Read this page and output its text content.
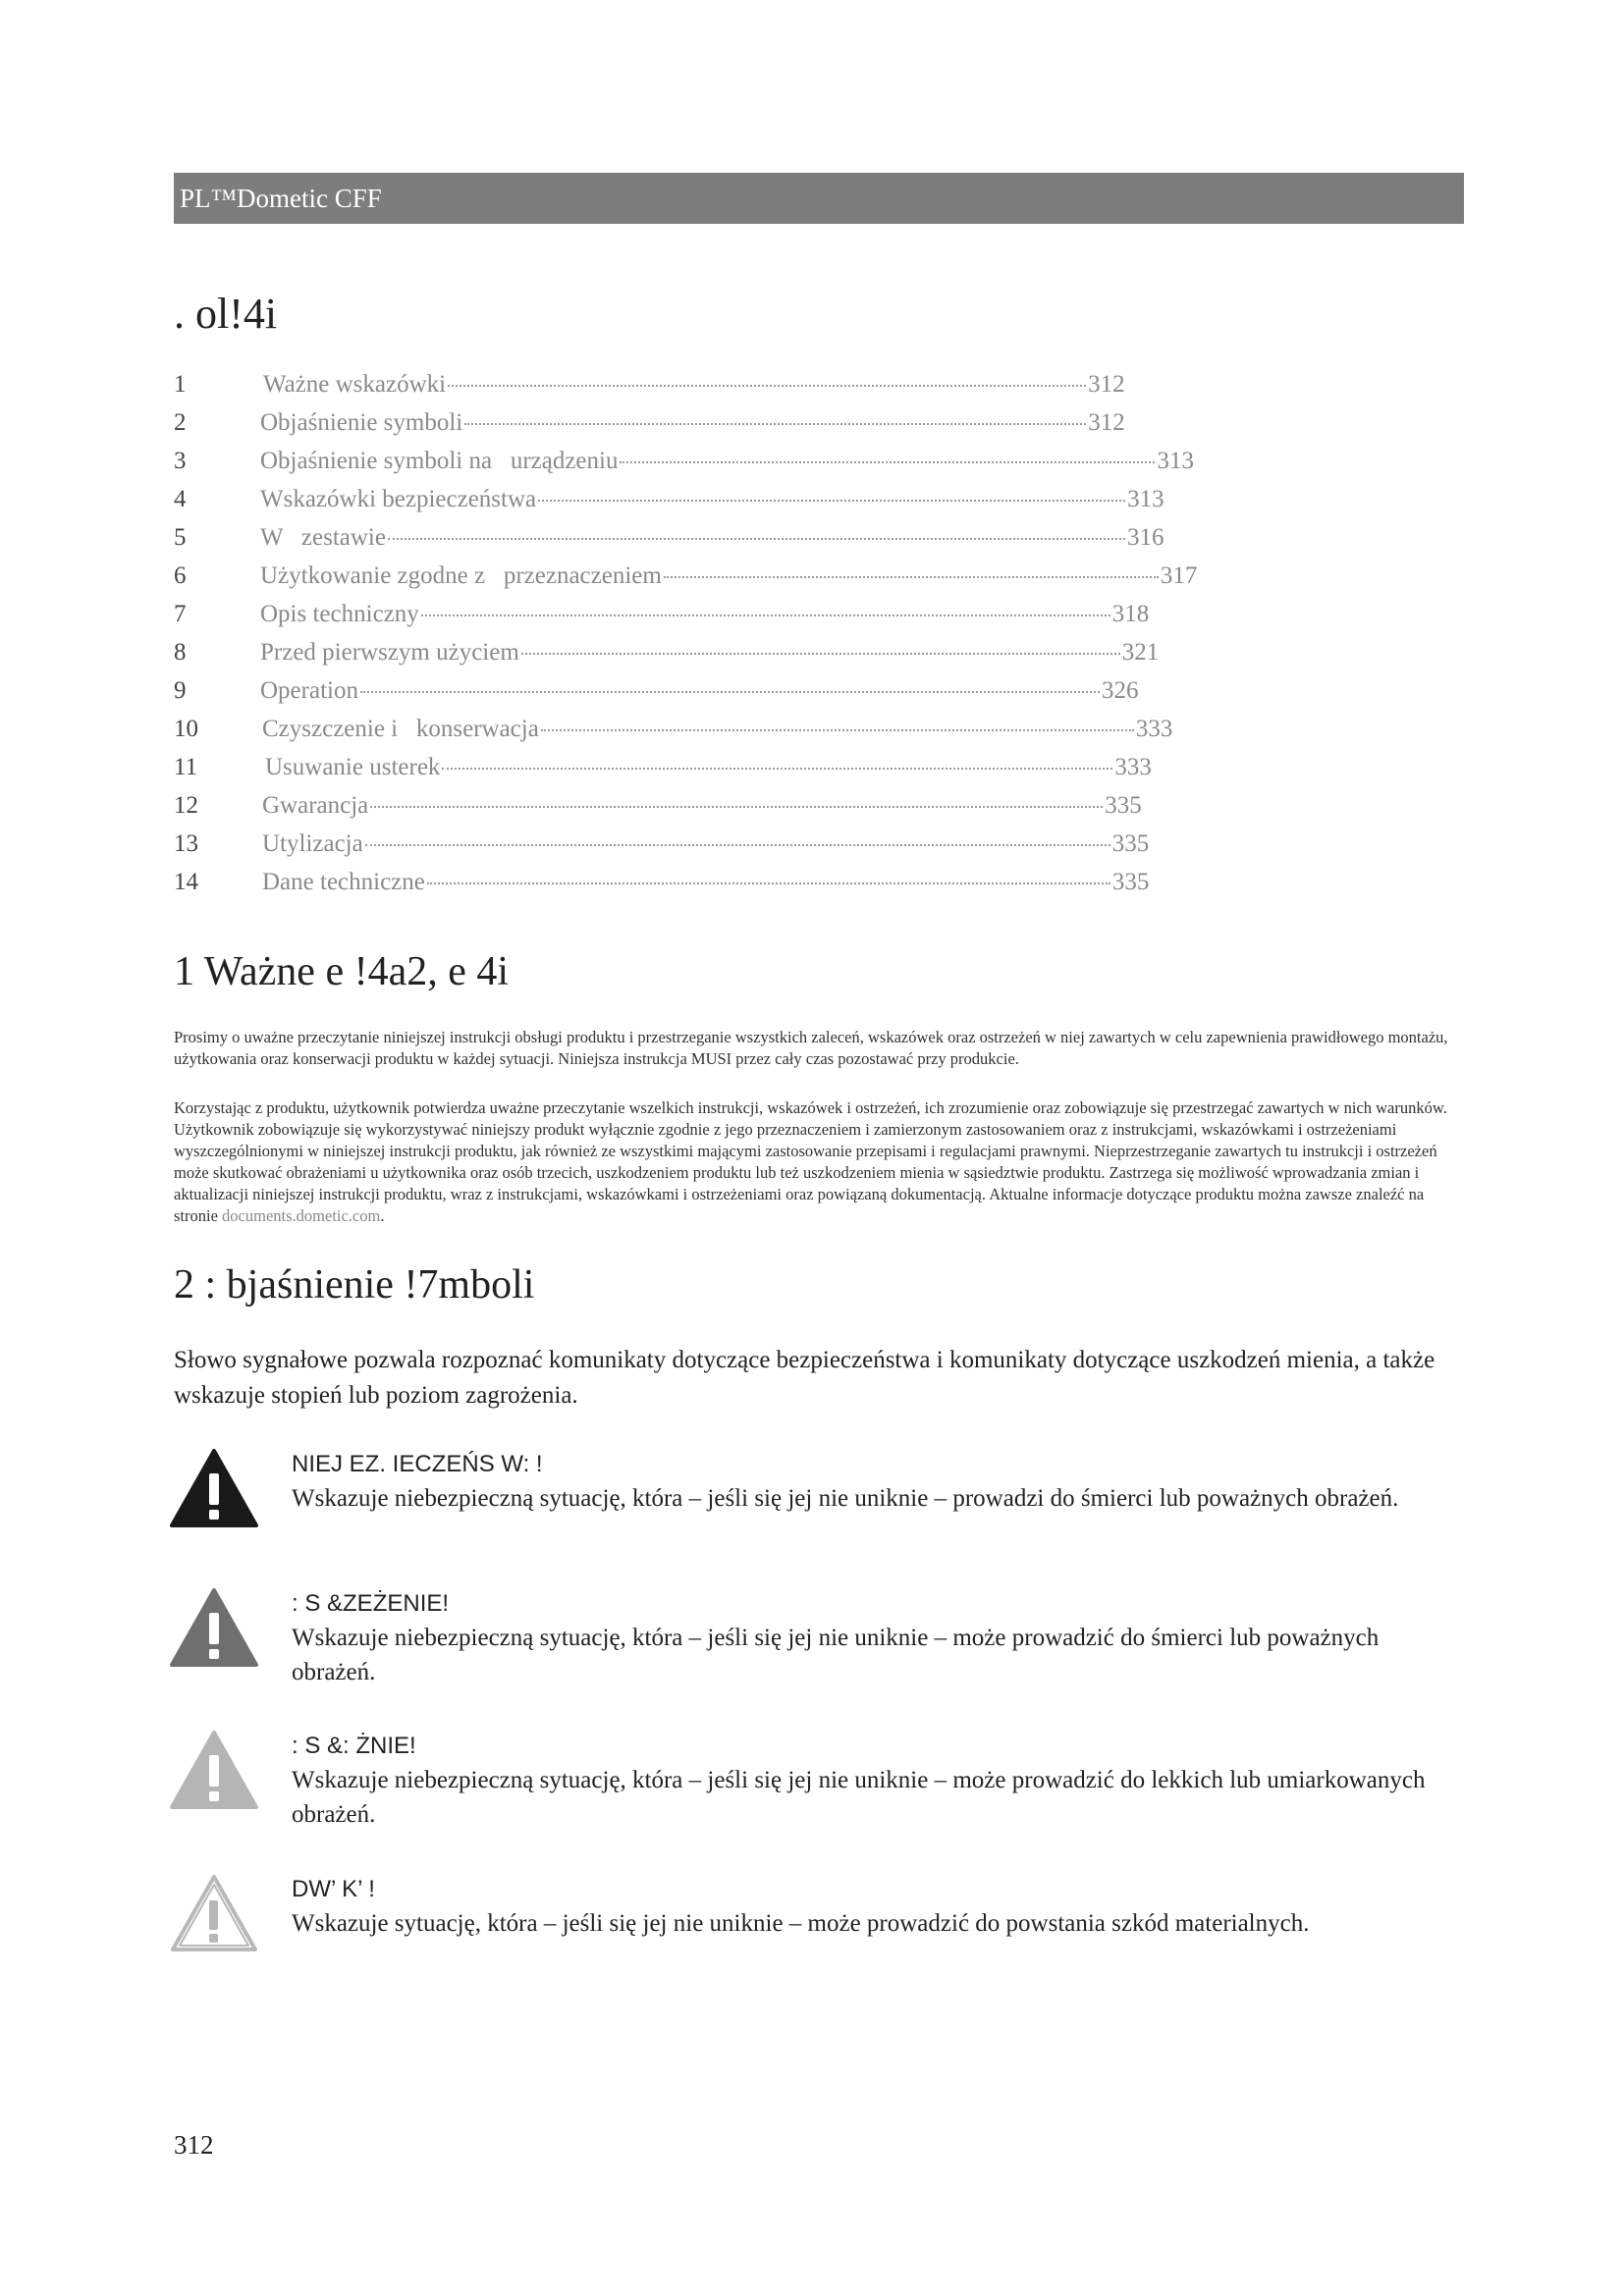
PL™Dometic CFF
. ol!4i
1	Ważne wskazówki	312
2	Objaśnienie symboli	312
3	Objaśnienie symboli na   urządzeniu	313
4	Wskazówki bezpieczeństwa	313
5	W   zestawie	316
6	Użytkowanie zgodne z   przeznaczeniem	317
7	Opis techniczny	318
8	Przed pierwszym użyciem	321
9	Operation	326
10	Czyszczenie i   konserwacja	333
11	Usuwanie usterek	333
12	Gwarancja	335
13	Utylizacja	335
14	Dane techniczne	335
1 Ważne e !4a2, e 4i

Prosimy o uważne przeczytanie niniejszej instrukcji obsługi produktu i przestrzeganie wszystkich zaleceń, wskazówek oraz ostrzeżeń w niej zawartych w celu zapewnienia prawidłowego montażu, użytkowania oraz konserwacji produktu w każdej sytuacji. Niniejsza instrukcja MUSI przez cały czas pozostawać przy produkcie.

Korzystając z produktu, użytkownik potwierdza uważne przeczytanie wszelkich instrukcji, wskazówek i ostrzeżeń, ich zrozumienie oraz zobowiązuje się przestrzegać zawartych w nich warunków. Użytkownik zobowiązuje się wykorzystywać niniejszy produkt wyłącznie zgodnie z jego przeznaczeniem i zamierzonym zastosowaniem oraz z instrukcjami, wskazówkami i ostrzeżeniami wyszczególnionymi w niniejszej instrukcji produktu, jak również ze wszystkimi mającymi zastosowanie przepisami i regulacjami prawnymi. Nieprzestrzeganie zawartych tu instrukcji i ostrzeżeń może skutkować obrażeniami u użytkownika oraz osób trzecich, uszkodzeniem produktu lub też uszkodzeniem mienia w sąsiedztwie produktu. Zastrzega się możliwość wprowadzania zmian i aktualizacji niniejszej instrukcji produktu, wraz z instrukcjami, wskazówkami i ostrzeżeniami oraz powiązaną dokumentacją. Aktualne informacje dotyczące produktu można zawsze znaleźć na stronie documents.dometic.com.

2 : bjaśnienie !7mboli

Słowo sygnałowe pozwala rozpoznać komunikaty dotyczące bezpieczeństwa i komunikaty dotyczące uszkodzeń mienia, a także wskazuje stopień lub poziom zagrożenia.

NIEJ EZ. IECZEŃS W: !

Wskazuje niebezpieczną sytuację, która – jeśli się jej nie uniknie – prowadzi do śmierci lub poważnych obrażeń.

: S &ZEŻENIE!

Wskazuje niebezpieczną sytuację, która – jeśli się jej nie uniknie – może prowadzić do śmierci lub poważnych obrażeń.

: S &: ŻNIE!

Wskazuje niebezpieczną sytuację, która – jeśli się jej nie uniknie – może prowadzić do lekkich lub umiarkowanych obrażeń.

DW’ K’ !

Wskazuje sytuację, która – jeśli się jej nie uniknie – może prowadzić do powstania szkód materialnych.

312
